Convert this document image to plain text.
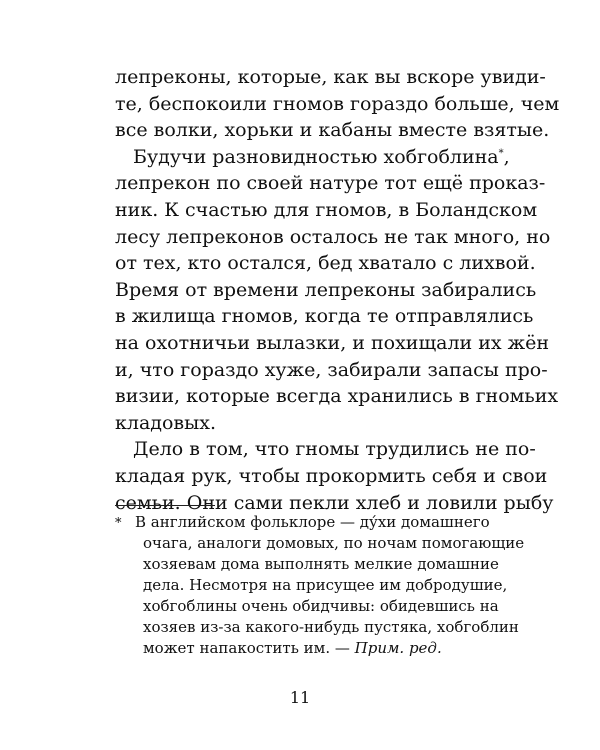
лепреконы, которые, как вы вскоре увиди-
те, беспокоили гномов гораздо больше, чем
все волки, хорьки и кабаны вместе взятые.
Будучи разновидностью хобгоблина*,
лепрекон по своей натуре тот ещё проказ-
ник. К счастью для гномов, в Боландском
лесу лепреконов осталось не так много, но
от тех, кто остался, бед хватало с лихвой.
Время от времени лепреконы забирались
в жилища гномов, когда те отправлялись
на охотничьи вылазки, и похищали их жён
и, что гораздо хуже, забирали запасы про-
визии, которые всегда хранились в гномьих
кладовых.
Дело в том, что гномы трудились не по-
кладая рук, чтобы прокормить себя и свои
семьи. Они сами пекли хлеб и ловили рыбу
* В английском фольклоре — ду́хи домашнего
очага, аналоги домовых, по ночам помогающие
хозяевам дома выполнять мелкие домашние
дела. Несмотря на присущее им добродушие,
хобгоблины очень обидчивы: обидевшись на
хозяев из-за какого-нибудь пустяка, хобгоблин
может напакостить им. — Прим. ред.
11
